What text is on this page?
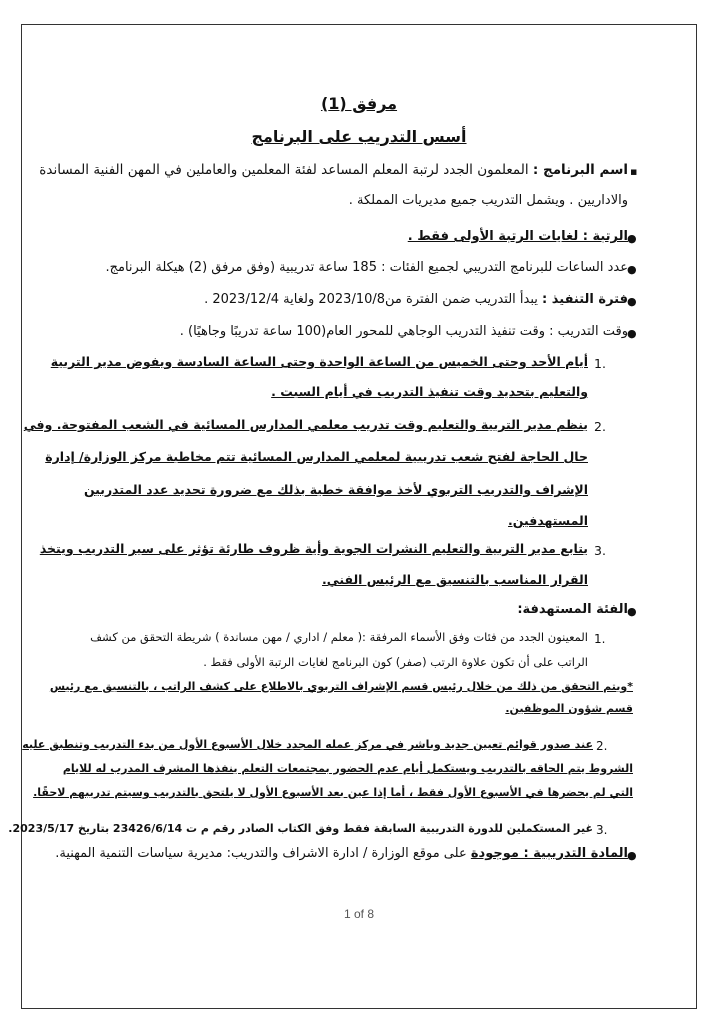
مرفق (1)
أسس التدريب على البرنامج
▪
اسم البرنامج : المعلمون الجدد لرتبة المعلم المساعد لفئة المعلمين والعاملين في المهن الفنية المساندة
والاداريين . ويشمل التدريب جميع مديريات المملكة .
●
الرتبة : لغايات الرتبة الأولى فقط .
●
عدد الساعات للبرنامج التدريبي لجميع الفئات : 185 ساعة تدريبية (وفق مرفق (2) هيكلة البرنامج.
●
فترة التنفيذ : يبدأ التدريب ضمن الفترة من2023/10/8 ولغاية 2023/12/4 .
●
وقت التدريب : وقت تنفيذ التدريب الوجاهي للمحور العام(100 ساعة تدريبًا وجاهيًا) .
1.
أيام الأحد وحتى الخميس من الساعة الواحدة وحتى الساعة السادسة ويفوض مدير التربية
والتعليم بتحديد وقت تنفيذ التدريب في أيام السبت .
2.
ينظم مدير التربية والتعليم وقت تدريب معلمي المدارس المسائية في الشعب المفتوحة. وفي
حال الحاجة لفتح شعب تدريبية لمعلمي المدارس المسائية تتم مخاطبة مركز الوزارة/ إدارة
الإشراف والتدريب التربوي لأخذ موافقة خطية بذلك مع ضرورة تحديد عدد المتدربين
المستهدفين.
3.
يتابع مدير التربية والتعليم النشرات الجوية وأية ظروف طارئة تؤثر على سير التدريب ويتخذ
القرار المناسب بالتنسيق مع الرئيس الفني.
●
الفئة المستهدفة:
1.
المعينون الجدد من فئات وفق الأسماء المرفقة :( معلم / اداري / مهن مساندة ) شريطة التحقق من كشف
الراتب على أن تكون علاوة الرتب (صفر) كون البرنامج لغايات الرتبة الأولى فقط .
*ويتم التحقق من ذلك من خلال رئيس قسم الإشراف التربوي بالاطلاع على كشف الراتب ، بالتنسيق مع رئيس
قسم شؤون الموظفين.
2.
عند صدور قوائم تعيين جديد وباشر في مركز عمله المجدد خلال الأسبوع الأول من بدء التدريب وتنطبق عليه
الشروط يتم الحاقه بالتدريب ويستكمل أيام عدم الحضور بمجتمعات التعلم ينفذها المشرف المدرب له للايام
التي لم يحضرها في الأسبوع الأول فقط ، أما إذا عين بعد الأسبوع الأول لا يلتحق بالتدريب وسيتم تدريبهم لاحقًا.
3.
غير المستكملين للدورة التدريبية السابقة فقط وفق الكتاب الصادر رقم م ت 23426/6/14 بتاريخ 2023/5/17.
●
المادة التدريبية : موجودة على موقع الوزارة / ادارة الاشراف والتدريب: مديرية سياسات التنمية المهنية.
1 of 8
